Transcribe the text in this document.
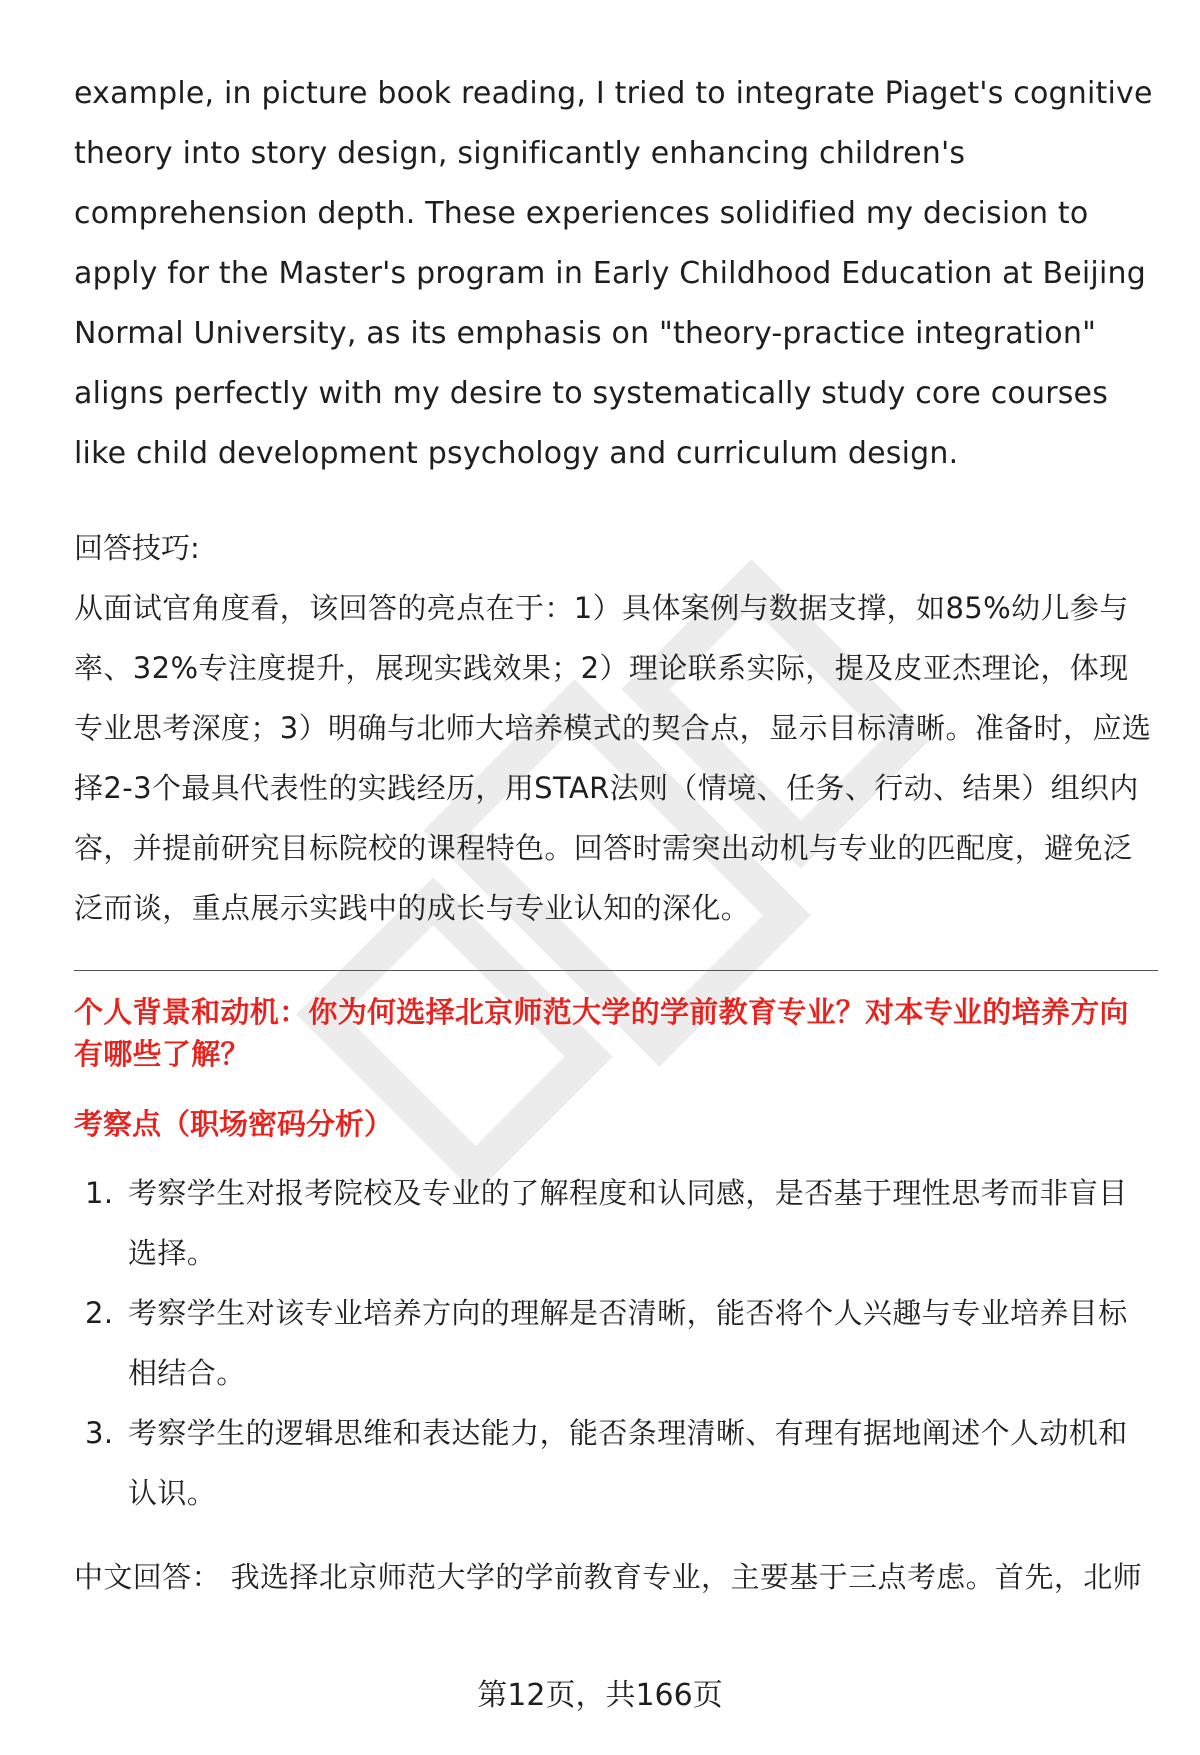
example, in picture book reading, I tried to integrate Piaget's cognitive theory into story design, significantly enhancing children's comprehension depth. These experiences solidified my decision to apply for the Master's program in Early Childhood Education at Beijing Normal University, as its emphasis on "theory-practice integration" aligns perfectly with my desire to systematically study core courses like child development psychology and curriculum design.

回答技巧:

从面试官角度看，该回答的亮点在于：1）具体案例与数据支撑，如85%幼儿参与率、32%专注度提升，展现实践效果；2）理论联系实际，提及皮亚杰理论，体现专业思考深度；3）明确与北师大培养模式的契合点，显示目标清晰。准备时，应选择2-3个最具代表性的实践经历，用STAR法则（情境、任务、行动、结果）组织内容，并提前研究目标院校的课程特色。回答时需突出动机与专业的匹配度，避免泛泛而谈，重点展示实践中的成长与专业认知的深化。

个人背景和动机：你为何选择北京师范大学的学前教育专业？对本专业的培养方向有哪些了解？

考察点（职场密码分析）

1. 考察学生对报考院校及专业的了解程度和认同感，是否基于理性思考而非盲目选择。
2. 考察学生对该专业培养方向的理解是否清晰，能否将个人兴趣与专业培养目标相结合。
3. 考察学生的逻辑思维和表达能力，能否条理清晰、有理有据地阐述个人动机和认识。

中文回答： 我选择北京师范大学的学前教育专业，主要基于三点考虑。首先，北师

第12页，共166页
